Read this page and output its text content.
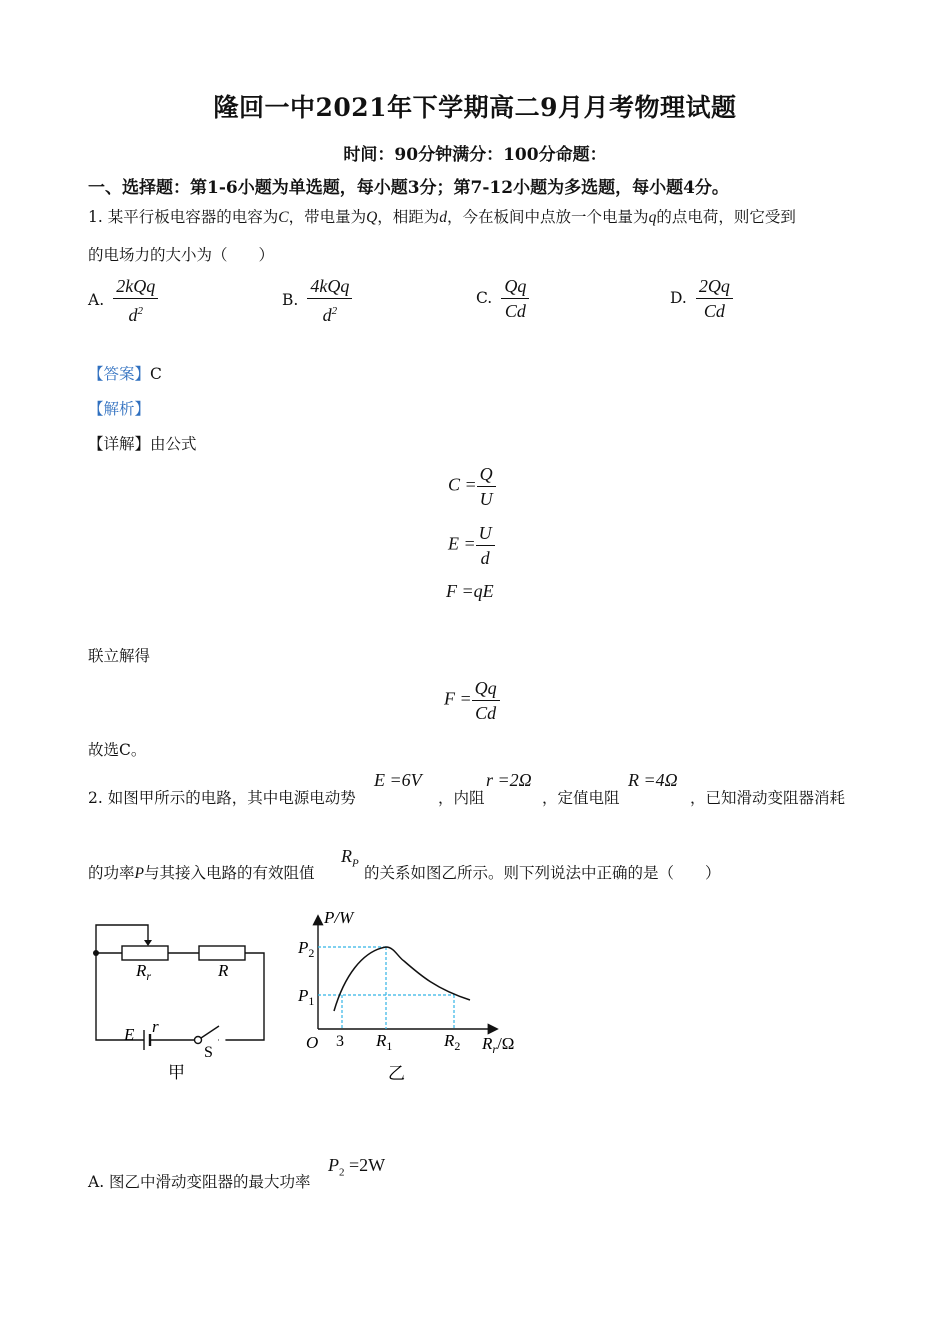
隆回一中2021年下学期高二9月月考物理试题
时间：90分钟满分：100分命题：
一、选择题：第1-6小题为单选题，每小题3分；第7-12小题为多选题，每小题4分。
1. 某平行板电容器的电容为C，带电量为Q，相距为d，今在板间中点放一个电量为q的点电荷，则它受到
的电场力的大小为（　　）
A. $\frac{\text{2kQq}}{d^2}$	B. $\frac{\text{4kQq}}{d^2}$	C. $\frac{Qq}{Cd}$	D. $\frac{2Qq}{Cd}$
【答案】C
【解析】
【详解】由公式
$C = \frac{Q}{U}$
$E = \frac{U}{d}$
F =qE
联立解得
$F = \frac{Qq}{Cd}$
故选C。
2. 如图甲所示的电路，其中电源电动势
E =6V
，内阻
r =2Ω
，定值电阻
R =4Ω
，已知滑动变阻器消耗
的功率P与其接入电路的有效阻值
$R_P$
的关系如图乙所示。则下列说法中正确的是（　　）
$R_r$	R
E r
S
甲
P/W
$P_2$
$P_1$
O 3 $R_1$	$R_2$ $R_r/\Omega$
乙
A. 图乙中滑动变阻器的最大功率
$P_2 =2W$
